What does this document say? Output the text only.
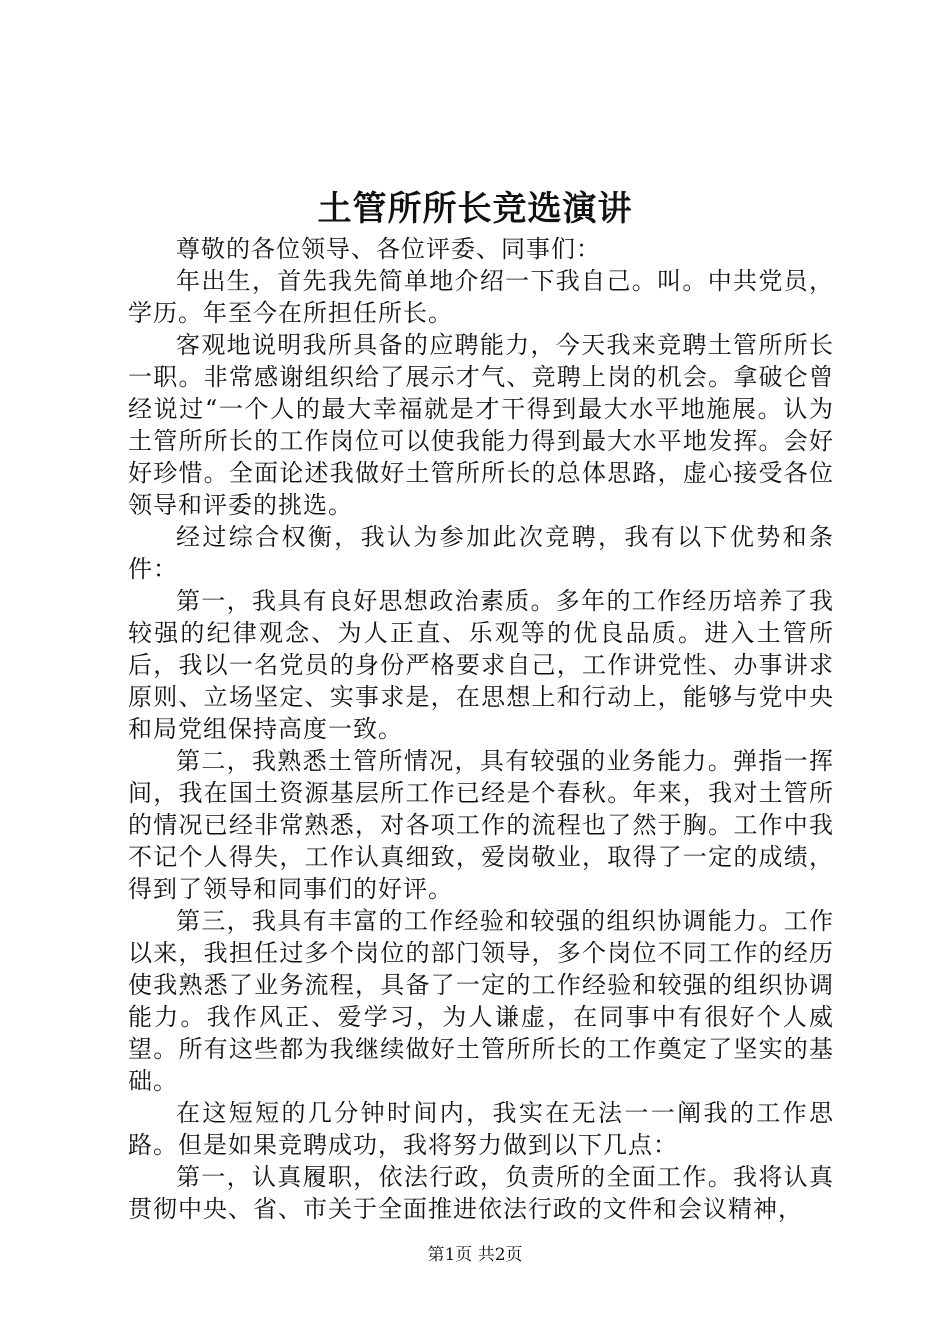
土管所所长竞选演讲

尊敬的各位领导、各位评委、同事们：

年出生，首先我先简单地介绍一下我自己。叫。中共党员，学历。年至今在所担任所长。

客观地说明我所具备的应聘能力，今天我来竞聘土管所所长一职。非常感谢组织给了展示才气、竞聘上岗的机会。拿破仑曾经说过“一个人的最大幸福就是才干得到最大水平地施展。认为土管所所长的工作岗位可以使我能力得到最大水平地发挥。会好好珍惜。全面论述我做好土管所所长的总体思路，虚心接受各位领导和评委的挑选。

经过综合权衡，我认为参加此次竞聘，我有以下优势和条件：

第一，我具有良好思想政治素质。多年的工作经历培养了我较强的纪律观念、为人正直、乐观等的优良品质。进入土管所后，我以一名党员的身份严格要求自己，工作讲党性、办事讲求原则、立场坚定、实事求是，在思想上和行动上，能够与党中央和局党组保持高度一致。

第二，我熟悉土管所情况，具有较强的业务能力。弹指一挥间，我在国土资源基层所工作已经是个春秋。年来，我对土管所的情况已经非常熟悉，对各项工作的流程也了然于胸。工作中我不记个人得失，工作认真细致，爱岗敬业，取得了一定的成绩，得到了领导和同事们的好评。

第三，我具有丰富的工作经验和较强的组织协调能力。工作以来，我担任过多个岗位的部门领导，多个岗位不同工作的经历使我熟悉了业务流程，具备了一定的工作经验和较强的组织协调能力。我作风正、爱学习，为人谦虚，在同事中有很好个人威望。所有这些都为我继续做好土管所所长的工作奠定了坚实的基础。

在这短短的几分钟时间内，我实在无法一一阐我的工作思路。但是如果竞聘成功，我将努力做到以下几点：

第一，认真履职，依法行政，负责所的全面工作。我将认真贯彻中央、省、市关于全面推进依法行政的文件和会议精神，

第1页 共2页
